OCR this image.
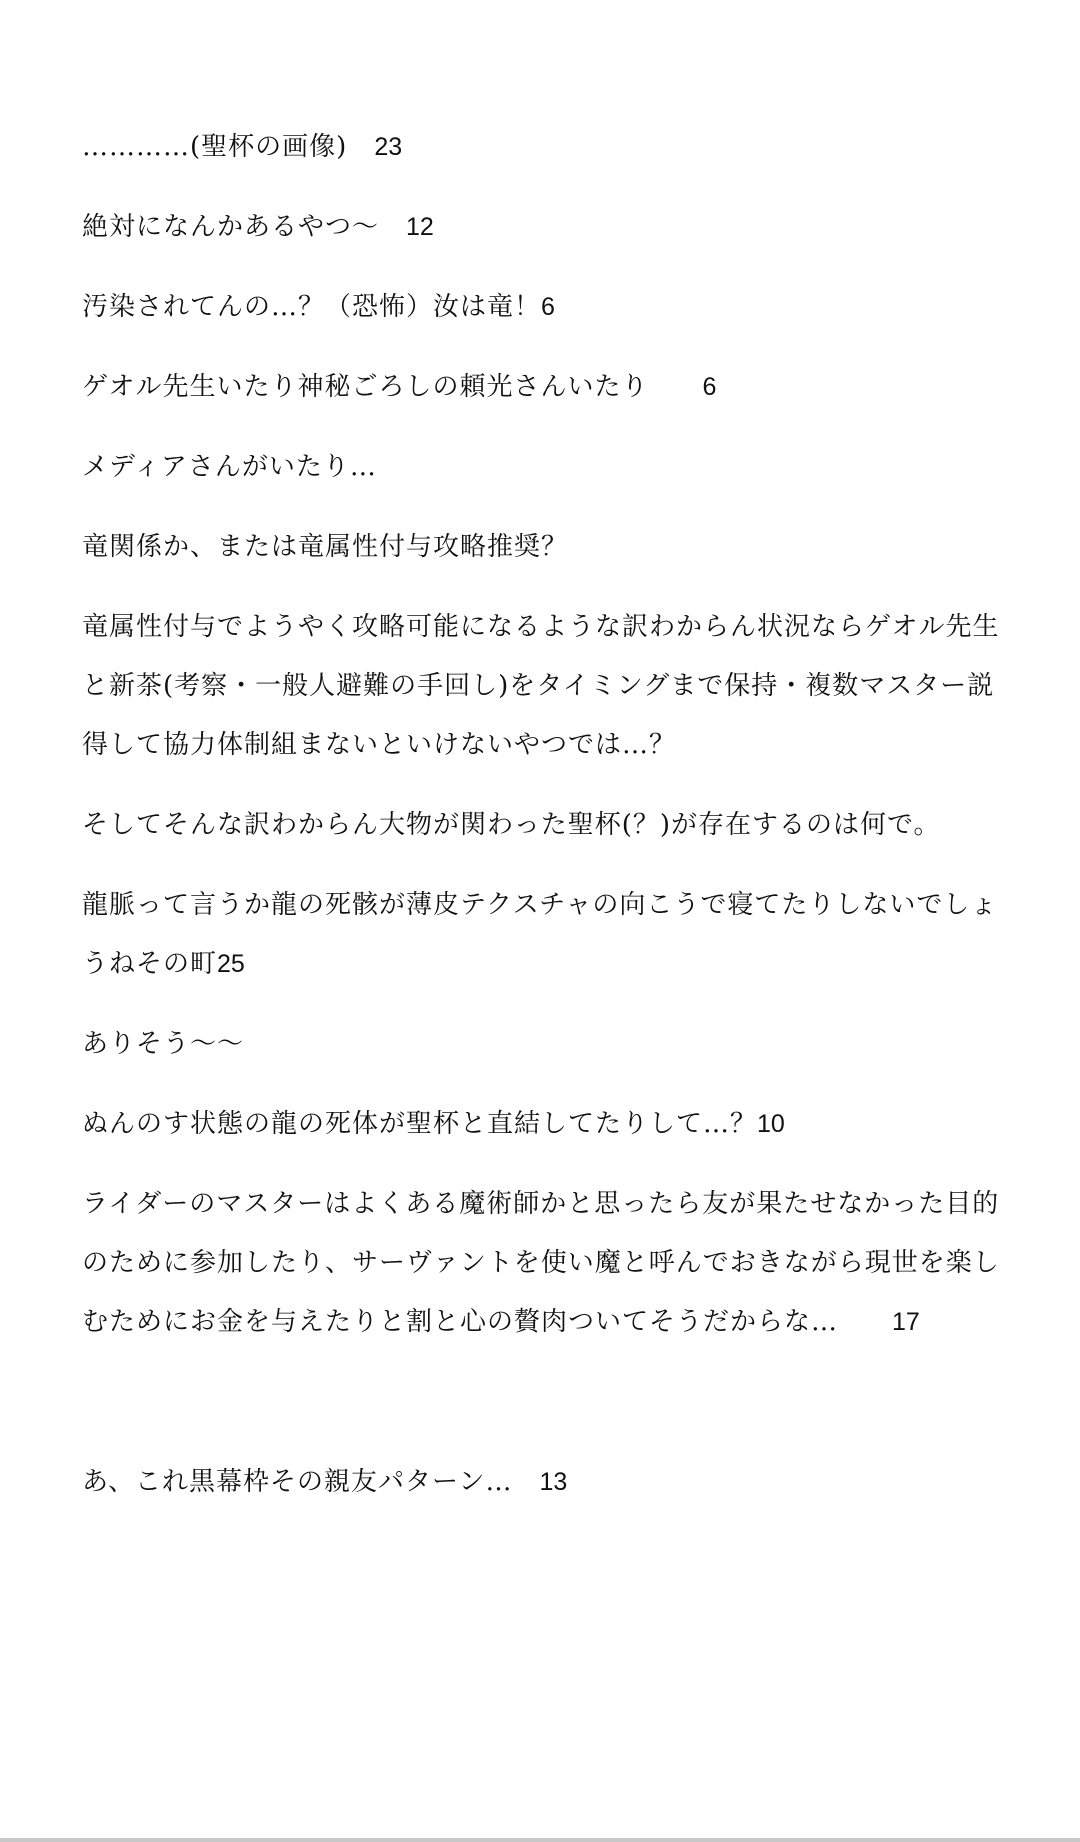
…………(聖杯の画像)　 23

絶対になんかあるやつ〜　 12

汚染されてんの…？（恐怖）汝は竜！6

ゲオル先生いたり神秘ごろしの頼光さんいたり　　 6

メディアさんがいたり…

竜関係か、または竜属性付与攻略推奨？

竜属性付与でようやく攻略可能になるような訳わからん状況ならゲオル先生と新茶(考察・一般人避難の手回し)をタイミングまで保持・複数マスター説得して協力体制組まないといけないやつでは…？

そしてそんな訳わからん大物が関わった聖杯(？)が存在するのは何で。

龍脈って言うか龍の死骸が薄皮テクスチャの向こうで寝てたりしないでしょうねその町25

ありそう〜〜

ぬんのす状態の龍の死体が聖杯と直結してたりして…？10

ライダーのマスターはよくある魔術師かと思ったら友が果たせなかった目的のために参加したり、サーヴァントを使い魔と呼んでおきながら現世を楽しむためにお金を与えたりと割と心の贅肉ついてそうだからな…　　 17

あ、これ黒幕枠その親友パターン…　 13
